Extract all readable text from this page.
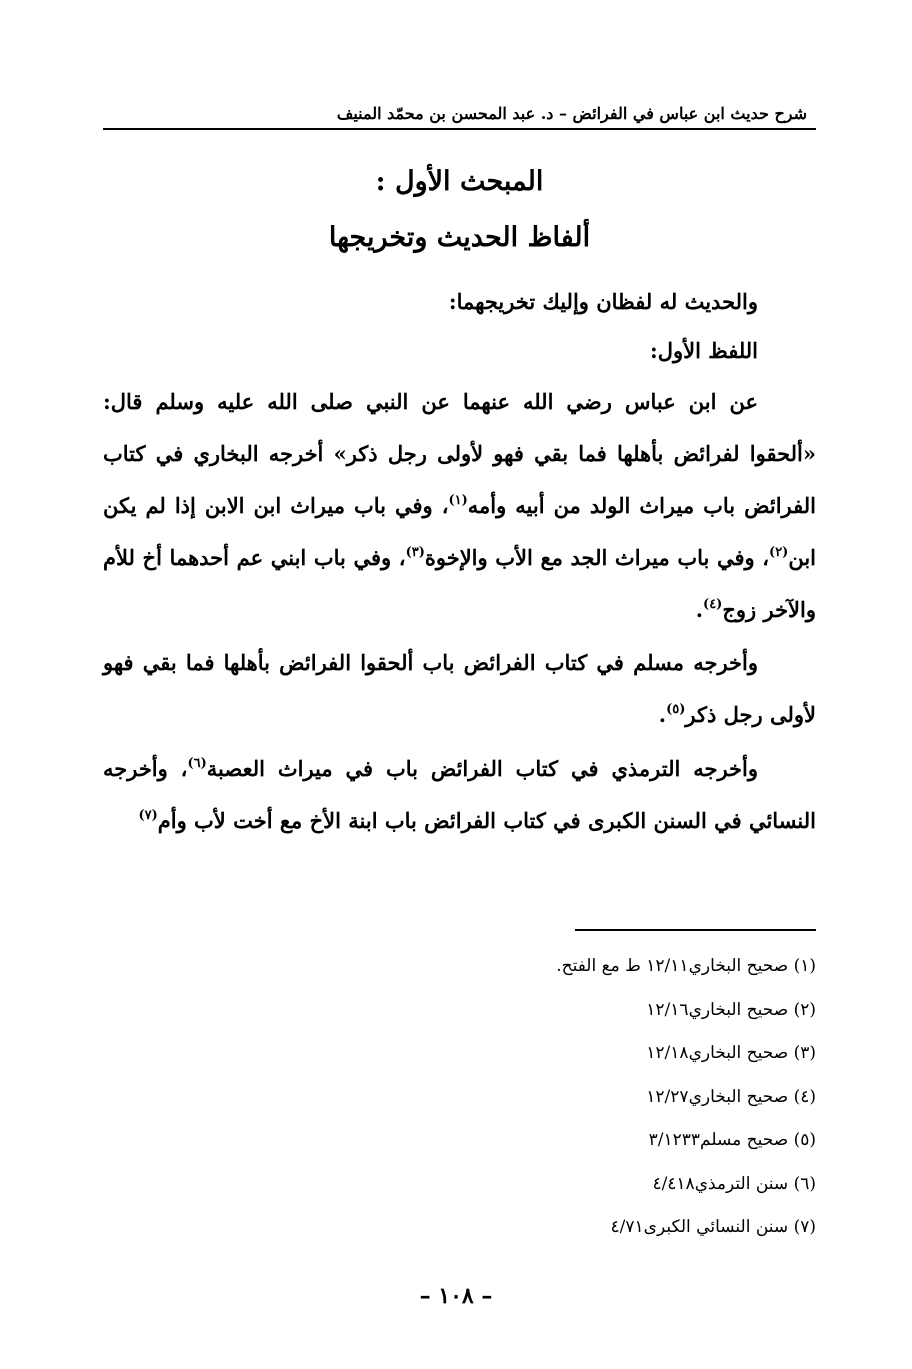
شرح حديث ابن عباس في الفرائض – د. عبد المحسن بن محمّد المنيف
المبحث الأول :
ألفاظ الحديث وتخريجها
والحديث له لفظان وإليك تخريجهما:
اللفظ الأول:
عن ابن عباس رضي الله عنهما عن النبي صلى الله عليه وسلم قال: «ألحقوا لفرائض بأهلها فما بقي فهو لأولى رجل ذكر» أخرجه البخاري في كتاب الفرائض باب ميراث الولد من أبيه وأمه$^{(١)}$، وفي باب ميراث ابن الابن إذا لم يكن ابن$^{(٢)}$، وفي باب ميراث الجد مع الأب والإخوة$^{(٣)}$، وفي باب ابني عم أحدهما أخ للأم والآخر زوج$^{(٤)}$.
وأخرجه مسلم في كتاب الفرائض باب ألحقوا الفرائض بأهلها فما بقي فهو لأولى رجل ذكر$^{(٥)}$.
وأخرجه الترمذي في كتاب الفرائض باب في ميراث العصبة$^{(٦)}$، وأخرجه النسائي في السنن الكبرى في كتاب الفرائض باب ابنة الأخ مع أخت لأب وأم$^{(٧)}$
(١) صحيح البخاري١٢/١١ ط مع الفتح.
(٢) صحيح البخاري١٢/١٦
(٣) صحيح البخاري١٢/١٨
(٤) صحيح البخاري١٢/٢٧
(٥) صحيح مسلم٣/١٢٣٣
(٦) سنن الترمذي٤/٤١٨
(٧) سنن النسائي الكبرى٤/٧١
– ١٠٨ –
